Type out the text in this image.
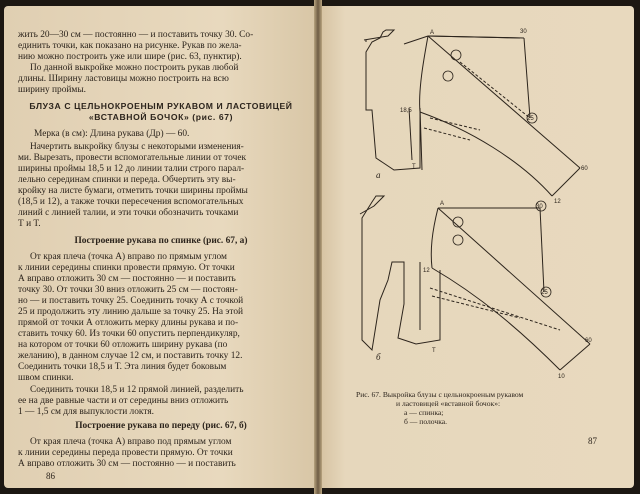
жить 20—30 см — постоянно — и поставить точку 30. Со-
единить точки, как показано на рисунке. Рукав по жела-
нию можно построить уже или шире (рис. 63, пунктир).
По данной выкройке можно построить рукав любой
длины. Ширину ластовицы можно построить на всю
ширину проймы.
БЛУЗА С ЦЕЛЬНОКРОЕНЫМ РУКАВОМ И ЛАСТОВИЦЕЙ
«ВСТАВНОЙ БОЧОК» (рис. 67)
Мерка (в см): Длина рукава (Др) — 60.
Начертить выкройку блузы с некоторыми изменения-
ми. Вырезать, провести вспомогательные линии от точек
ширины проймы 18,5 и 12 до линии талии строго парал-
лельно серединам спинки и переда. Обчертить эту вы-
кройку на листе бумаги, отметить точки ширины проймы
(18,5 и 12), а также точки пересечения вспомогательных
линий с линией талии, и эти точки обозначить точками
Т и Т.
Построение рукава по спинке (рис. 67, а)
От края плеча (точка А) вправо по прямым углом
к линии середины спинки провести прямую. От точки
А вправо отложить 30 см — постоянно — и поставить
точку 30. От точки 30 вниз отложить 25 см — постоян-
но — и поставить точку 25. Соединить точку А с точкой
25 и продолжить эту линию дальше за точку 25. На этой
прямой от точки А отложить мерку длины рукава и по-
ставить точку 60. Из точки 60 опустить перпендикуляр,
на котором от точки 60 отложить ширину рукава (по
желанию), в данном случае 12 см, и поставить точку 12.
Соединить точки 18,5 и Т. Эта линия будет боковым
швом спинки.
Соединить точки 18,5 и 12 прямой линией, разделить
ее на две равные части и от середины вниз отложить
1 — 1,5 см для выпуклости локтя.
Построение рукава по переду (рис. 67, б)
От края плеча (точка А) вправо под прямым углом
к линии середины переда провести прямую. От точки
А вправо отложить 30 см — постоянно — и поставить
86
A	30
25
18,5
60
12
T
а
A	30
25
12
60
10
T
б
Рис. 67. Выкройка блузы с цельнокроеным рукавом
и ластовицей «вставной бочок»:
а — спинка;
б — полочка.
87
